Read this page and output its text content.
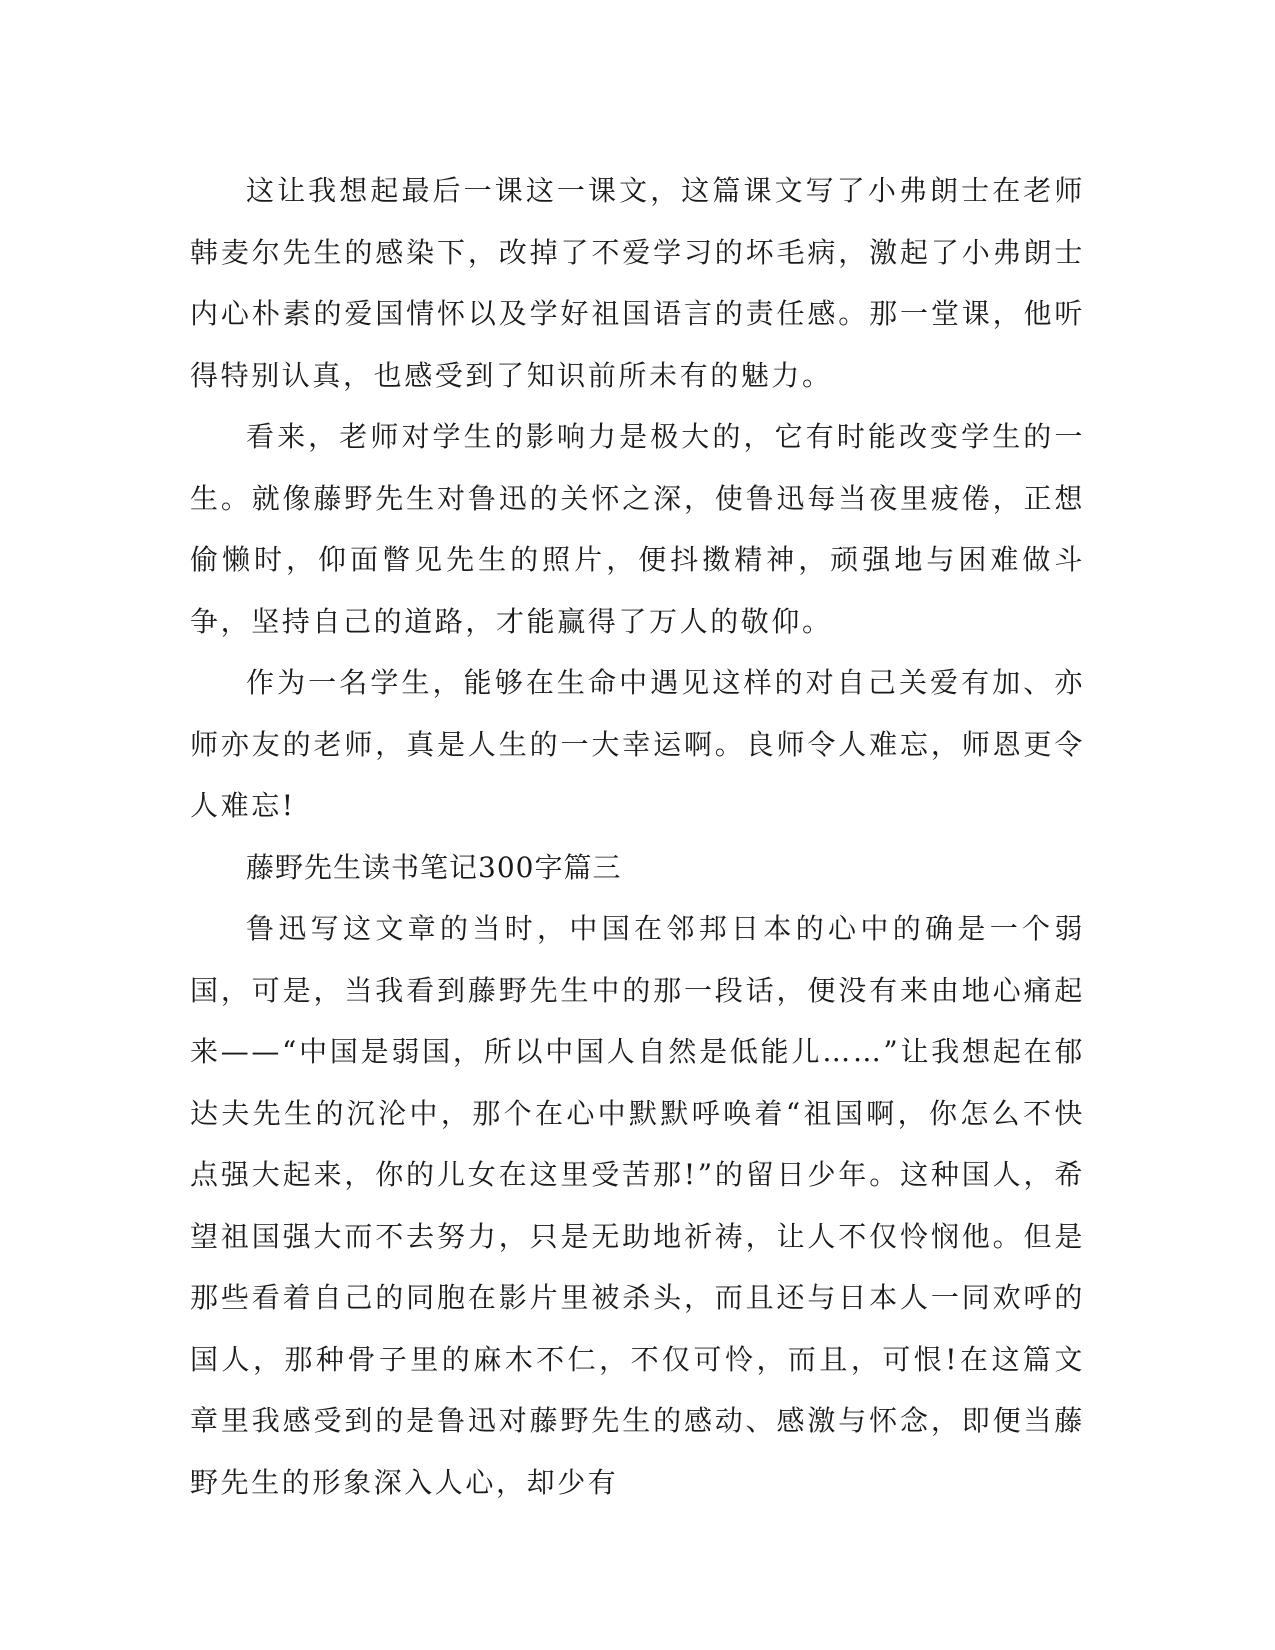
这让我想起最后一课这一课文，这篇课文写了小弗朗士在老师韩麦尔先生的感染下，改掉了不爱学习的坏毛病，激起了小弗朗士内心朴素的爱国情怀以及学好祖国语言的责任感。那一堂课，他听得特别认真，也感受到了知识前所未有的魅力。

看来，老师对学生的影响力是极大的，它有时能改变学生的一生。就像藤野先生对鲁迅的关怀之深，使鲁迅每当夜里疲倦，正想偷懒时，仰面瞥见先生的照片，便抖擞精神，顽强地与困难做斗争，坚持自己的道路，才能赢得了万人的敬仰。

作为一名学生，能够在生命中遇见这样的对自己关爱有加、亦师亦友的老师，真是人生的一大幸运啊。良师令人难忘，师恩更令人难忘!

藤野先生读书笔记300字篇三

鲁迅写这文章的当时，中国在邻邦日本的心中的确是一个弱国，可是，当我看到藤野先生中的那一段话，便没有来由地心痛起来——“中国是弱国，所以中国人自然是低能儿……”让我想起在郁达夫先生的沉沦中，那个在心中默默呼唤着“祖国啊，你怎么不快点强大起来，你的儿女在这里受苦那!”的留日少年。这种国人，希望祖国强大而不去努力，只是无助地祈祷，让人不仅怜悯他。但是那些看着自己的同胞在影片里被杀头，而且还与日本人一同欢呼的国人，那种骨子里的麻木不仁，不仅可怜，而且，可恨!在这篇文章里我感受到的是鲁迅对藤野先生的感动、感激与怀念，即便当藤野先生的形象深入人心，却少有
